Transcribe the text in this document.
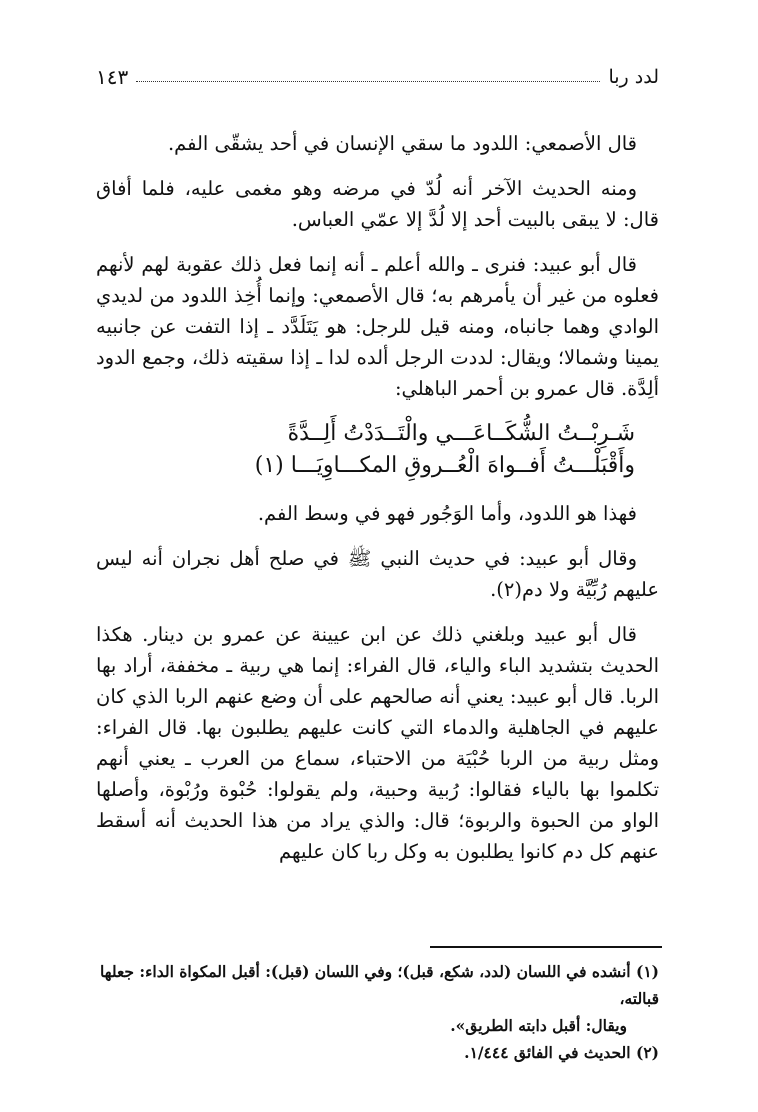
لدد ربا
١٤٣

قال الأصمعي: اللدود ما سقي الإنسان في أحد يشقّى الفم.

ومنه الحديث الآخر أنه لُدّ في مرضه وهو مغمى عليه، فلما أفاق قال: لا يبقى بالبيت أحد إلا لُدَّ إلا عمّي العباس.

قال أبو عبيد: فنرى ـ والله أعلم ـ أنه إنما فعل ذلك عقوبة لهم لأنهم فعلوه من غير أن يأمرهم به؛ قال الأصمعي: وإنما أُخِذ اللدود من لديدي الوادي وهما جانباه، ومنه قيل للرجل: هو يَتَلَدَّد ـ إذا التفت عن جانبيه يمينا وشمالا؛ ويقال: لددت الرجل ألده لدا ـ إذا سقيته ذلك، وجمع الدود ألِدَّة. قال عمرو بن أحمر الباهلي:

شَـرِبْــتُ الشُّكَــاعَـــي والْتَــدَدْتُ أَلِــدَّةً
وأَقْبَلْـــتُ أَفــواهَ الْعُــروقِ المكـــاوِيَـــا (١)

فهذا هو اللدود، وأما الوَجُور فهو في وسط الفم.

وقال أبو عبيد: في حديث النبي ﷺ في صلح أهل نجران أنه ليس عليهم رُبِّيَّة ولا دم(٢).

قال أبو عبيد وبلغني ذلك عن ابن عيينة عن عمرو بن دينار. هكذا الحديث بتشديد الباء والياء، قال الفراء: إنما هي ربية ـ مخففة، أراد بها الربا. قال أبو عبيد: يعني أنه صالحهم على أن وضع عنهم الربا الذي كان عليهم في الجاهلية والدماء التي كانت عليهم يطلبون بها. قال الفراء: ومثل ربية من الربا حُبْيَة من الاحتباء، سماع من العرب ـ يعني أنهم تكلموا بها بالياء فقالوا: رُبية وحبية، ولم يقولوا: حُبْوة ورُبْوة، وأصلها الواو من الحبوة والربوة؛ قال: والذي يراد من هذا الحديث أنه أسقط عنهم كل دم كانوا يطلبون به وكل ربا كان عليهم

(١) أنشده في اللسان (لدد، شكع، قبل)؛ وفي اللسان (قبل): أقبل المكواة الداء: جعلها قبالته،
ويقال: أقبل دابته الطريق».
(٢) الحديث في الفائق ١/٤٤٤.
